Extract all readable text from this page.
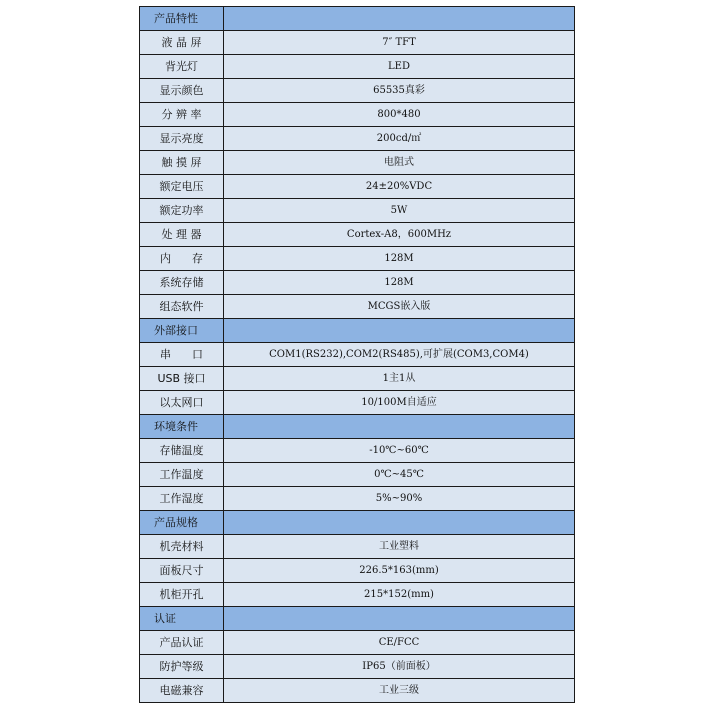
产品特性	
液 晶 屏	7″ TFT
背光灯	LED
显示颜色	65535真彩
分 辨 率	800*480
显示亮度	200cd/㎡
触 摸 屏	电阻式
额定电压	24±20%VDC
额定功率	5W
处 理 器	Cortex-A8，600MHz
内      存	128M
系统存储	128M
组态软件	MCGS嵌入版
外部接口	
串      口	COM1(RS232),COM2(RS485),可扩展(COM3,COM4)
USB 接口	1主1从
以太网口	10/100M自适应
环境条件	
存储温度	-10℃~60℃
工作温度	0℃~45℃
工作湿度	5%~90%
产品规格	
机壳材料	工业塑料
面板尺寸	226.5*163(mm)
机柜开孔	215*152(mm)
认证	
产品认证	CE/FCC
防护等级	IP65（前面板）
电磁兼容	工业三级
